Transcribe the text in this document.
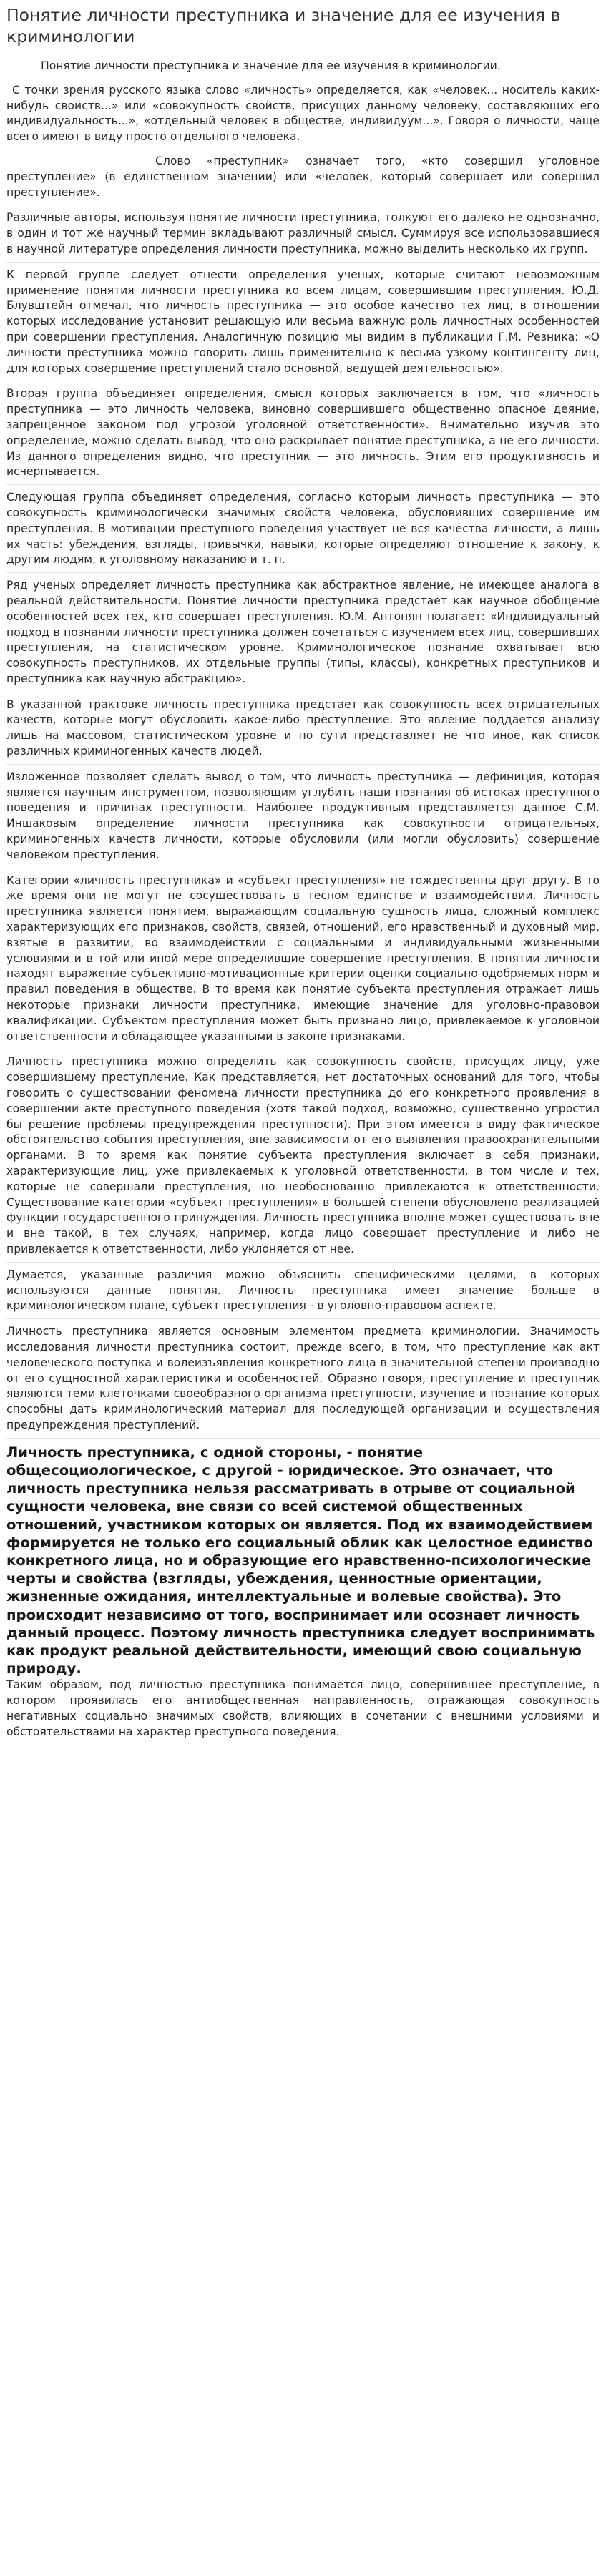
Понятие личности преступника и значение для ее изучения в криминологии

Понятие личности преступника и значение для ее изучения в криминологии.

С точки зрения русского языка слово «личность» определяется, как «человек... носитель каких-нибудь свойств...» или «совокупность свойств, присущих данному человеку, составляющих его индивидуальность...», «отдельный человек в обществе, индивидуум...». Говоря о личности, чаще всего имеют в виду просто отдельного человека.

Слово «преступник» означает того, «кто совершил уголовное преступление» (в единственном значении) или «человек, который совершает или совершил преступление».

Различные авторы, используя понятие личности преступника, толкуют его далеко не однозначно, в один и тот же научный термин вкладывают различный смысл. Суммируя все использовавшиеся в научной литературе определения личности преступника, можно выделить несколько их групп.

К первой группе следует отнести определения ученых, которые считают невозможным применение понятия личности преступника ко всем лицам, совершившим преступления. Ю.Д. Блувштейн отмечал, что личность преступника — это особое качество тех лиц, в отношении которых исследование установит решающую или весьма важную роль личностных особенностей при совершении преступления. Аналогичную позицию мы видим в публикации Г.М. Резника: «О личности преступника можно говорить лишь применительно к весьма узкому контингенту лиц, для которых совершение преступлений стало основной, ведущей деятельностью».

Вторая группа объединяет определения, смысл которых заключается в том, что «личность преступника — это личность человека, виновно совершившего общественно опасное деяние, запрещенное законом под угрозой уголовной ответственности». Внимательно изучив это определение, можно сделать вывод, что оно раскрывает понятие преступника, а не его личности. Из данного определения видно, что преступник — это личность. Этим его продуктивность и исчерпывается.

Следующая группа объединяет определения, согласно которым личность преступника — это совокупность криминологически значимых свойств человека, обусловивших совершение им преступления. В мотивации преступного поведения участвует не вся качества личности, а лишь их часть: убеждения, взгляды, привычки, навыки, которые определяют отношение к закону, к другим людям, к уголовному наказанию и т. п.

Ряд ученых определяет личность преступника как абстрактное явление, не имеющее аналога в реальной действительности. Понятие личности преступника предстает как научное обобщение особенностей всех тех, кто совершает преступления. Ю.М. Антонян полагает: «Индивидуальный подход в познании личности преступника должен сочетаться с изучением всех лиц, совершивших преступления, на статистическом уровне. Криминологическое познание охватывает всю совокупность преступников, их отдельные группы (типы, классы), конкретных преступников и преступника как научную абстракцию».

В указанной трактовке личность преступника предстает как совокупность всех отрицательных качеств, которые могут обусловить какое-либо преступление. Это явление поддается анализу лишь на массовом, статистическом уровне и по сути представляет не что иное, как список различных криминогенных качеств людей.

Изложенное позволяет сделать вывод о том, что личность преступника — дефиниция, которая является научным инструментом, позволяющим углубить наши познания об истоках преступного поведения и причинах преступности. Наиболее продуктивным представляется данное С.М. Иншаковым определение личности преступника как совокупности отрицательных, криминогенных качеств личности, которые обусловили (или могли обусловить) совершение человеком преступления.

Категории «личность преступника» и «субъект преступления» не тождественны друг другу. В то же время они не могут не сосуществовать в тесном единстве и взаимодействии. Личность преступника является понятием, выражающим социальную сущность лица, сложный комплекс характеризующих его признаков, свойств, связей, отношений, его нравственный и духовный мир, взятые в развитии, во взаимодействии с социальными и индивидуальными жизненными условиями и в той или иной мере определившие совершение преступления. В понятии личности находят выражение субъективно-мотивационные критерии оценки социально одобряемых норм и правил поведения в обществе. В то время как понятие субъекта преступления отражает лишь некоторые признаки личности преступника, имеющие значение для уголовно-правовой квалификации. Субъектом преступления может быть признано лицо, привлекаемое к уголовной ответственности и обладающее указанными в законе признаками.

Личность преступника можно определить как совокупность свойств, присущих лицу, уже совершившему преступление. Как представляется, нет достаточных оснований для того, чтобы говорить о существовании феномена личности преступника до его конкретного проявления в совершении акте преступного поведения (хотя такой подход, возможно, существенно упростил бы решение проблемы предупреждения преступности). При этом имеется в виду фактическое обстоятельство события преступления, вне зависимости от его выявления правоохранительными органами. В то время как понятие субъекта преступления включает в себя признаки, характеризующие лиц, уже привлекаемых к уголовной ответственности, в том числе и тех, которые не совершали преступления, но необоснованно привлекаются к ответственности. Существование категории «субъект преступления» в большей степени обусловлено реализацией функции государственного принуждения. Личность преступника вполне может существовать вне и вне такой, в тех случаях, например, когда лицо совершает преступление и либо не привлекается к ответственности, либо уклоняется от нее.

Думается, указанные различия можно объяснить специфическими целями, в которых используются данные понятия. Личность преступника имеет значение больше в криминологическом плане, субъект преступления - в уголовно-правовом аспекте.

Личность преступника является основным элементом предмета криминологии. Значимость исследования личности преступника состоит, прежде всего, в том, что преступление как акт человеческого поступка и волеизъявления конкретного лица в значительной степени производно от его сущностной характеристики и особенностей. Образно говоря, преступление и преступник являются теми клеточками своеобразного организма преступности, изучение и познание которых способны дать криминологический материал для последующей организации и осуществления предупреждения преступлений.

Личность преступника, с одной стороны, - понятие общесоциологическое, с другой - юридическое. Это означает, что личность преступника нельзя рассматривать в отрыве от социальной сущности человека, вне связи со всей системой общественных отношений, участником которых он является. Под их взаимодействием формируется не только его социальный облик как целостное единство конкретного лица, но и образующие его нравственно-психологические черты и свойства (взгляды, убеждения, ценностные ориентации, жизненные ожидания, интеллектуальные и волевые свойства). Это происходит независимо от того, воспринимает или осознает личность данный процесс. Поэтому личность преступника следует воспринимать как продукт реальной действительности, имеющий свою социальную природу.

Таким образом, под личностью преступника понимается лицо, совершившее преступление, в котором проявилась его антиобщественная направленность, отражающая совокупность негативных социально значимых свойств, влияющих в сочетании с внешними условиями и обстоятельствами на характер преступного поведения.
